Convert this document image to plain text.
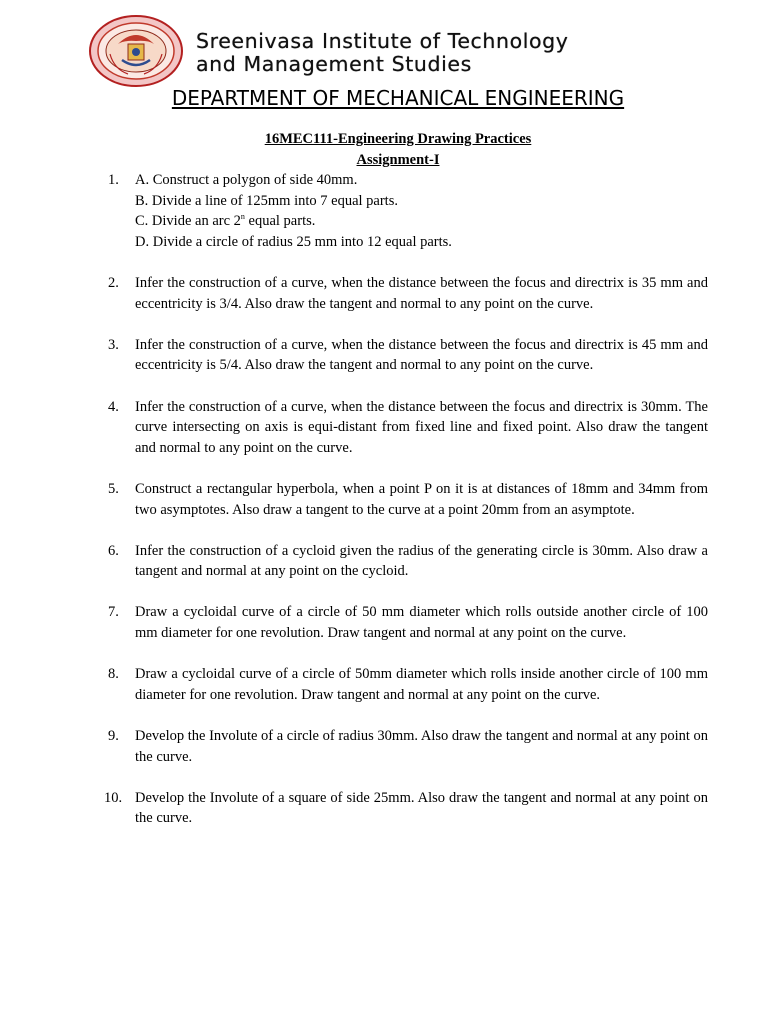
Sreenivasa Institute of Technology
and Management Studies
DEPARTMENT OF MECHANICAL ENGINEERING
16MEC111-Engineering Drawing Practices
Assignment-I
1. A. Construct a polygon of side 40mm.
B. Divide a line of 125mm into 7 equal parts.
C. Divide an arc 2$^n$ equal parts.
D. Divide a circle of radius 25 mm into 12 equal parts.
2. Infer the construction of a curve, when the distance between the focus and directrix is 35 mm and eccentricity is 3/4. Also draw the tangent and normal to any point on the curve.
3. Infer the construction of a curve, when the distance between the focus and directrix is 45 mm and eccentricity is 5/4. Also draw the tangent and normal to any point on the curve.
4. Infer the construction of a curve, when the distance between the focus and directrix is 30mm. The curve intersecting on axis is equi-distant from fixed line and fixed point. Also draw the tangent and normal to any point on the curve.
5. Construct a rectangular hyperbola, when a point P on it is at distances of 18mm and 34mm from two asymptotes. Also draw a tangent to the curve at a point 20mm from an asymptote.
6. Infer the construction of a cycloid given the radius of the generating circle is 30mm. Also draw a tangent and normal at any point on the cycloid.
7. Draw a cycloidal curve of a circle of 50 mm diameter which rolls outside another circle of 100 mm diameter for one revolution. Draw tangent and normal at any point on the curve.
8. Draw a cycloidal curve of a circle of 50mm diameter which rolls inside another circle of 100 mm diameter for one revolution. Draw tangent and normal at any point on the curve.
9. Develop the Involute of a circle of radius 30mm. Also draw the tangent and normal at any point on the curve.
10. Develop the Involute of a square of side 25mm. Also draw the tangent and normal at any point on the curve.
